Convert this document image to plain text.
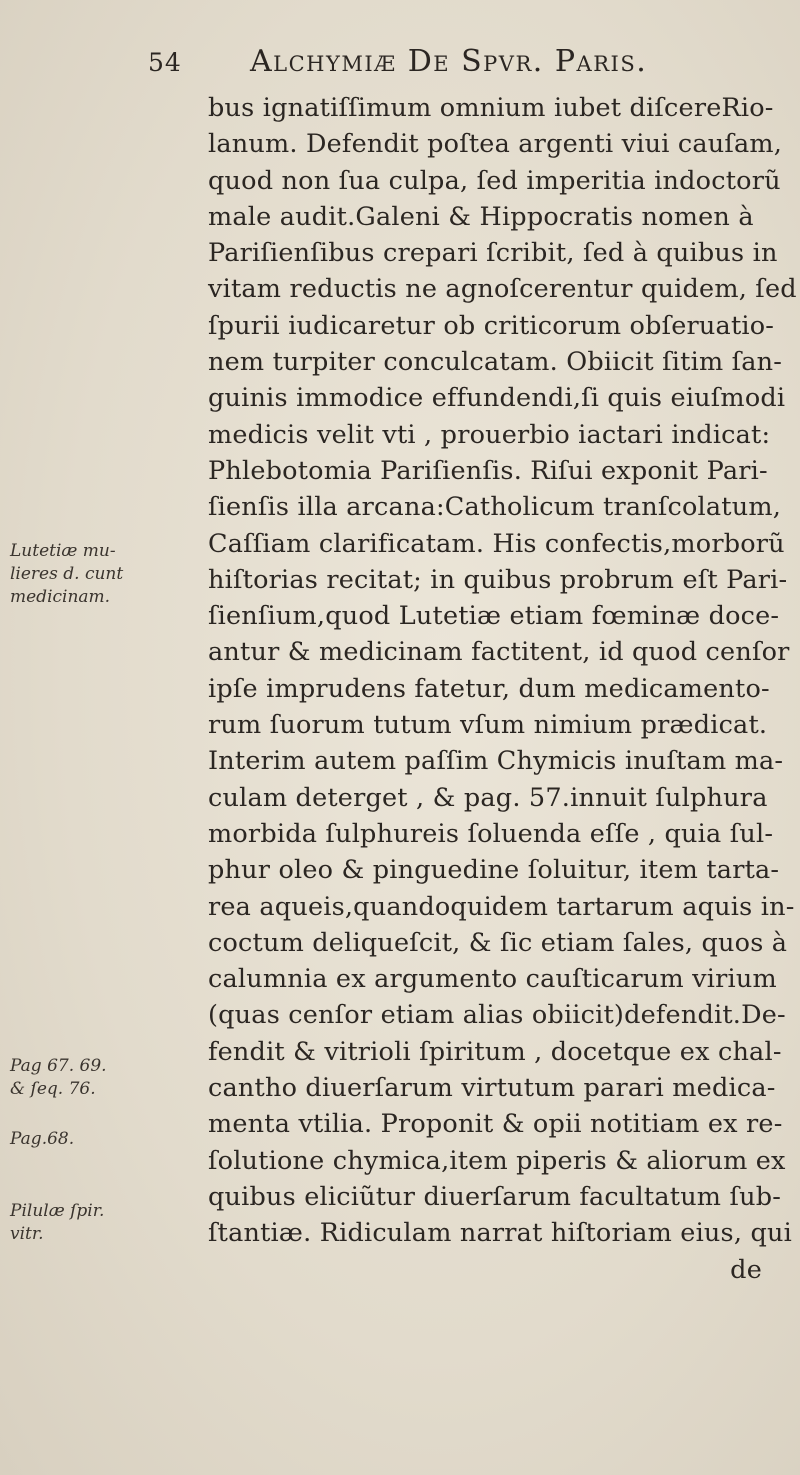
54 Alchymiæ De Spvr. Paris.
bus ignatiſſimum omnium iubet diſcereRio-
lanum. Defendit poſtea argenti viui cauſam,
quod non ſua culpa, ſed imperitia indoctorũ
male audit.Galeni & Hippocratis nomen à
Pariſienſibus crepari ſcribit, ſed à quibus in
vitam reductis ne agnoſcerentur quidem, ſed
ſpurii iudicaretur ob criticorum obſeruatio-
nem turpiter conculcatam. Obiicit ſitim ſan-
guinis immodice effundendi,ſi quis eiuſmodi
medicis velit vti , prouerbio iactari indicat:
Phlebotomia Pariſienſis. Riſui exponit Pari-
ſienſis illa arcana:Catholicum tranſcolatum,
Caſſiam clarificatam. His confectis,morborũ
hiſtorias recitat; in quibus probrum eſt Pari-
ſienſium,quod Lutetiæ etiam fœminæ doce-
antur & medicinam factitent, id quod cenſor
ipſe imprudens fatetur, dum medicamento-
rum ſuorum tutum vſum nimium prædicat.
Interim autem paſſim Chymicis inuſtam ma-
culam deterget , & pag. 57.innuit ſulphura
morbida ſulphureis ſoluenda eſſe , quia ſul-
phur oleo & pinguedine ſoluitur, item tarta-
rea aqueis,quandoquidem tartarum aquis in-
coctum deliqueſcit, & ſic etiam ſales, quos à
calumnia ex argumento cauſticarum virium
(quas cenſor etiam alias obiicit)defendit.De-
fendit & vitrioli ſpiritum , docetque ex chal-
cantho diuerſarum virtutum parari medica-
menta vtilia. Proponit & opii notitiam ex re-
ſolutione chymica,item piperis & aliorum ex
quibus eliciũtur diuerſarum facultatum ſub-
ſtantiæ. Ridiculam narrat hiſtoriam eius, qui
de
Lutetiæ mu-
lieres d. cunt
medicinam.
Pag 67. 69.
& ſeq. 76.
Pag.68.
Pilulæ ſpir.
vitr.
